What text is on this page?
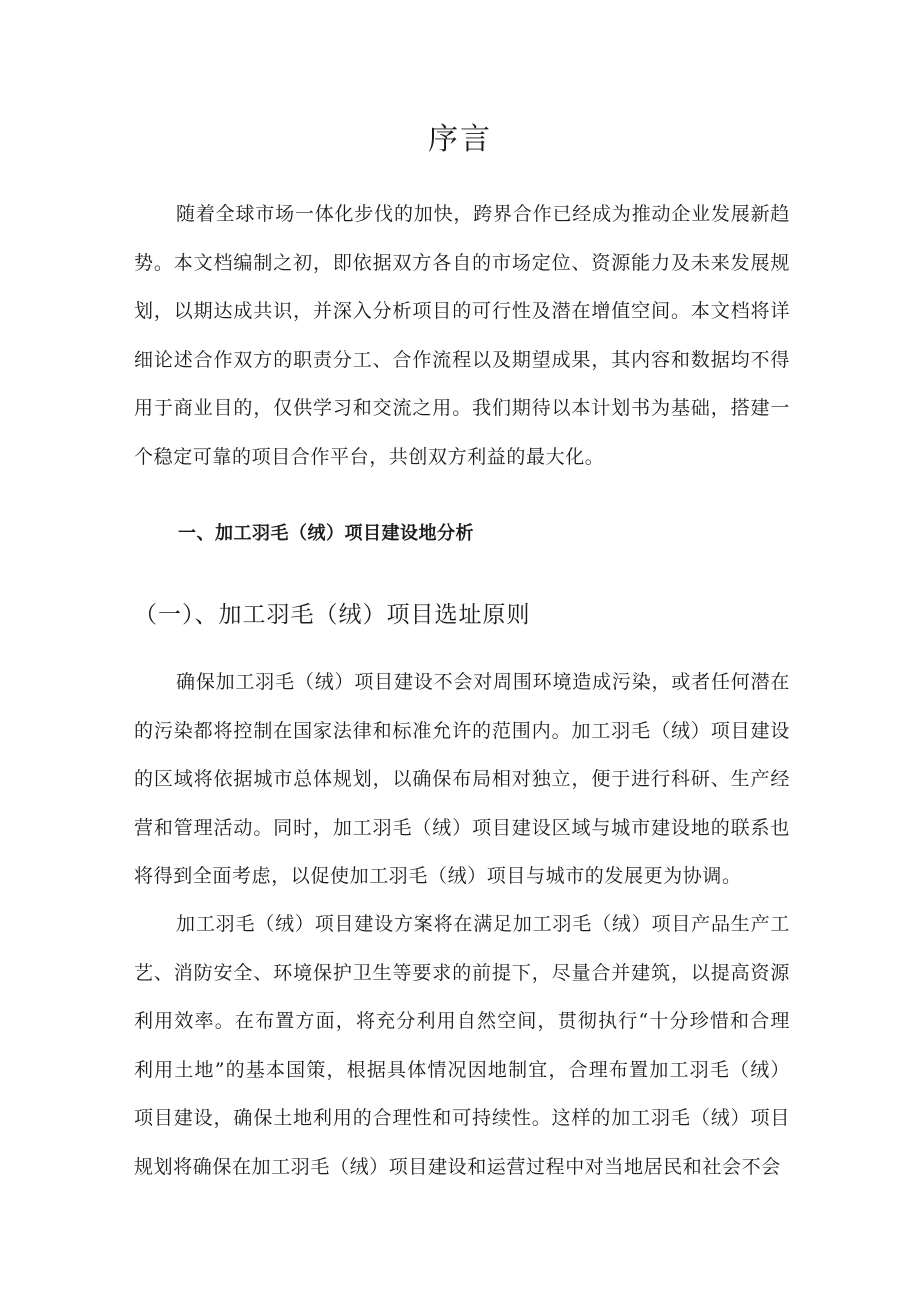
序言

随着全球市场一体化步伐的加快，跨界合作已经成为推动企业发展新趋势。本文档编制之初，即依据双方各自的市场定位、资源能力及未来发展规划，以期达成共识，并深入分析项目的可行性及潜在增值空间。本文档将详细论述合作双方的职责分工、合作流程以及期望成果，其内容和数据均不得用于商业目的，仅供学习和交流之用。我们期待以本计划书为基础，搭建一个稳定可靠的项目合作平台，共创双方利益的最大化。

一、加工羽毛（绒）项目建设地分析
（一）、加工羽毛（绒）项目选址原则

确保加工羽毛（绒）项目建设不会对周围环境造成污染，或者任何潜在的污染都将控制在国家法律和标准允许的范围内。加工羽毛（绒）项目建设的区域将依据城市总体规划，以确保布局相对独立，便于进行科研、生产经营和管理活动。同时，加工羽毛（绒）项目建设区域与城市建设地的联系也将得到全面考虑，以促使加工羽毛（绒）项目与城市的发展更为协调。

加工羽毛（绒）项目建设方案将在满足加工羽毛（绒）项目产品生产工艺、消防安全、环境保护卫生等要求的前提下，尽量合并建筑，以提高资源利用效率。在布置方面，将充分利用自然空间，贯彻执行“十分珍惜和合理利用土地”的基本国策，根据具体情况因地制宜，合理布置加工羽毛（绒）项目建设，确保土地利用的合理性和可持续性。这样的加工羽毛（绒）项目规划将确保在加工羽毛（绒）项目建设和运营过程中对当地居民和社会不会
